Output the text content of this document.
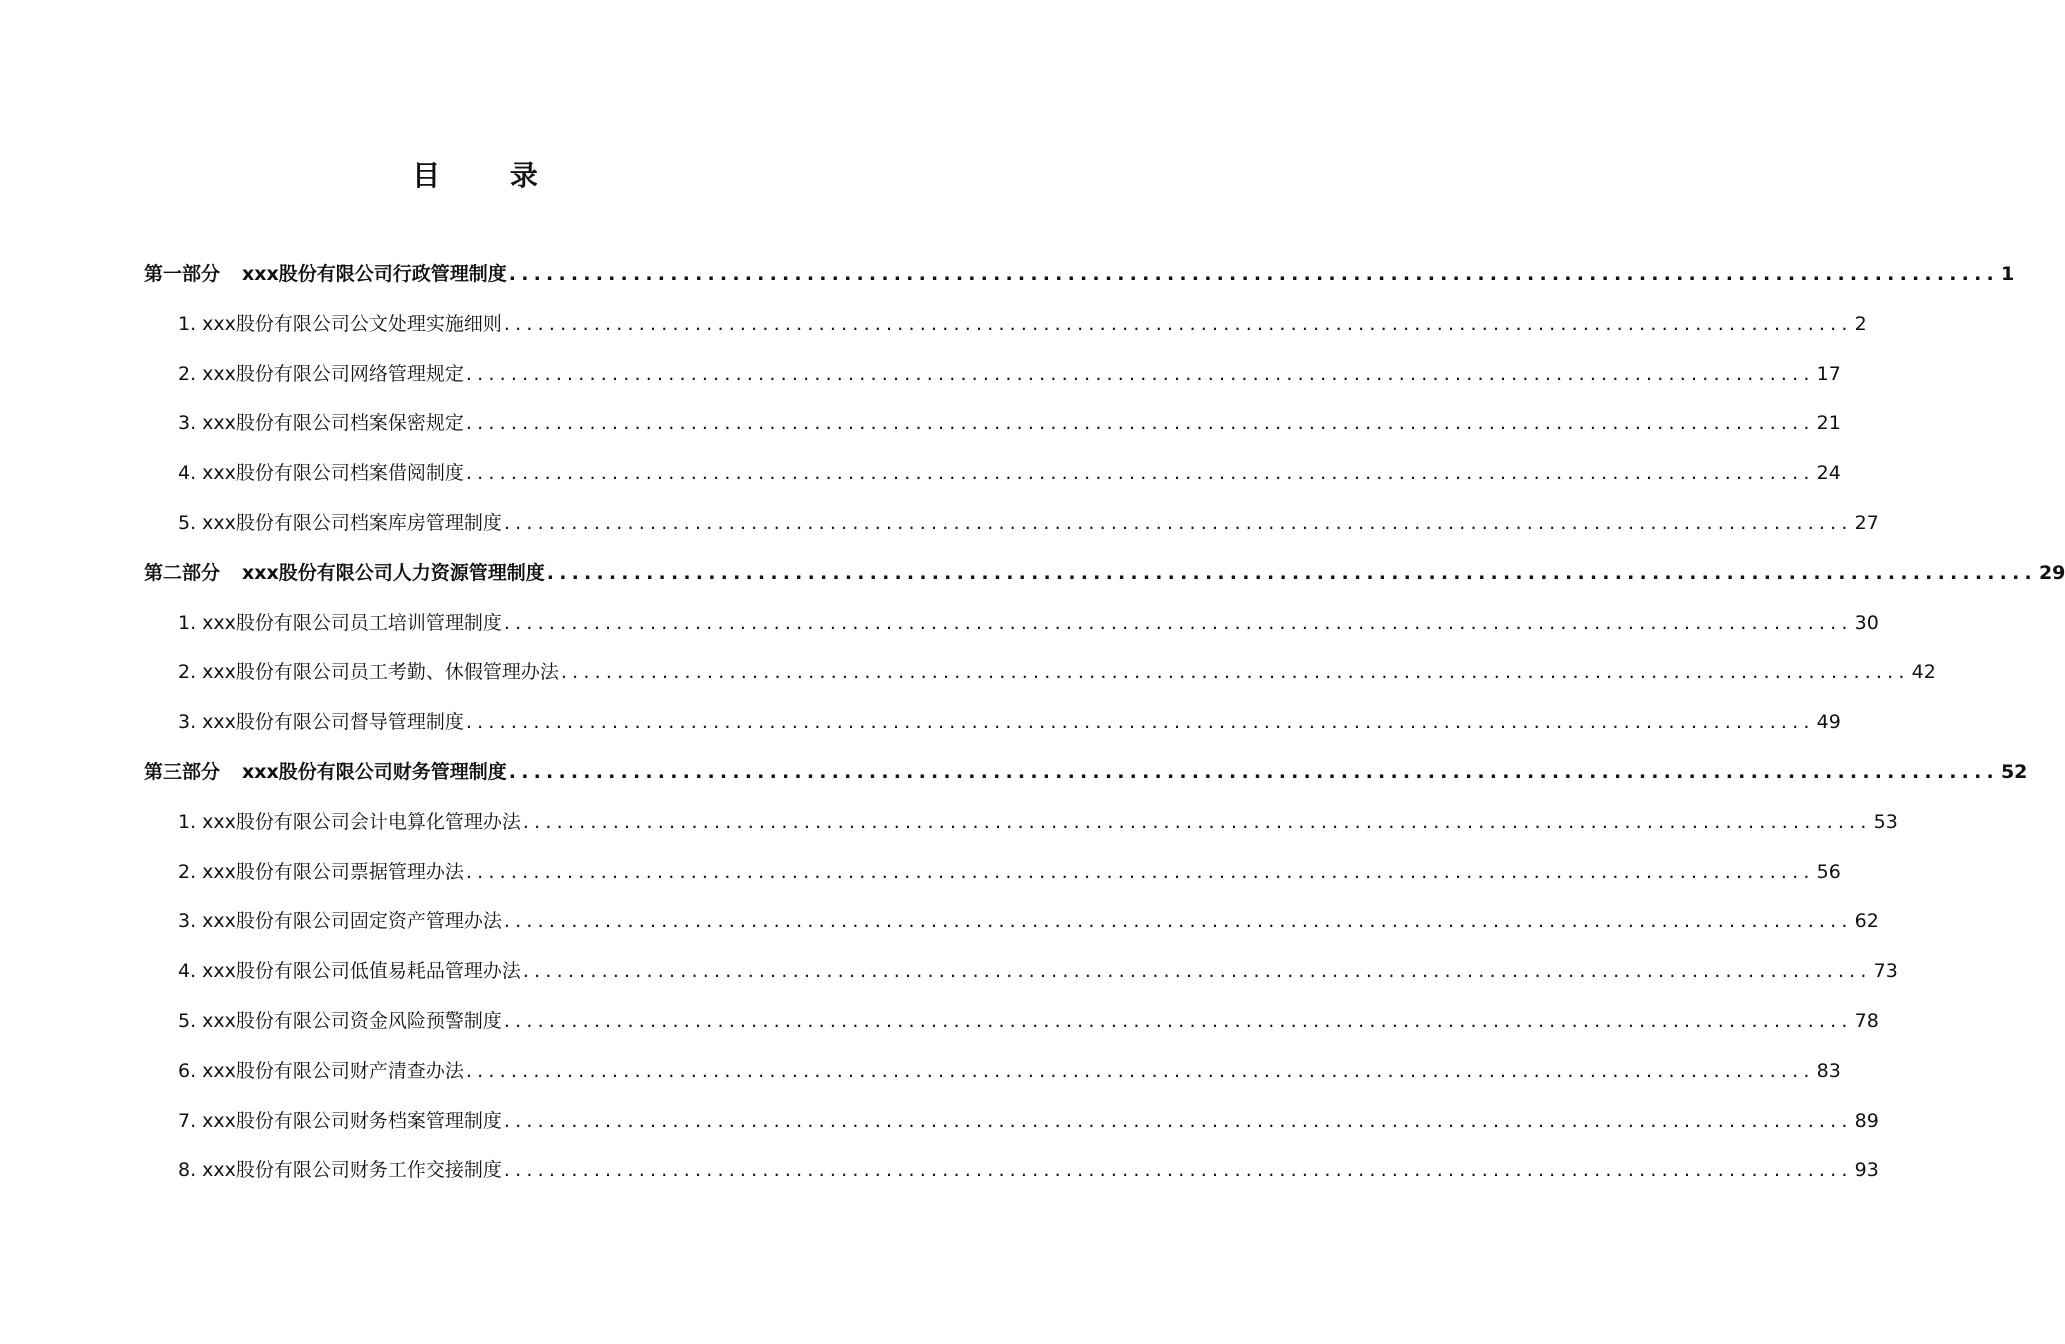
目 录
第一部分 xxx股份有限公司行政管理制度 ........................................................................................................................ 1
1. xxx股份有限公司公文处理实施细则 ........................................................................................................................ 2
2. xxx股份有限公司网络管理规定 ........................................................................................................................ 17
3. xxx股份有限公司档案保密规定 ........................................................................................................................ 21
4. xxx股份有限公司档案借阅制度 ........................................................................................................................ 24
5. xxx股份有限公司档案库房管理制度 ........................................................................................................................ 27
第二部分 xxx股份有限公司人力资源管理制度 ........................................................................................................................ 29
1. xxx股份有限公司员工培训管理制度 ........................................................................................................................ 30
2. xxx股份有限公司员工考勤、休假管理办法 ........................................................................................................................ 42
3. xxx股份有限公司督导管理制度 ........................................................................................................................ 49
第三部分 xxx股份有限公司财务管理制度 ........................................................................................................................ 52
1. xxx股份有限公司会计电算化管理办法 ........................................................................................................................ 53
2. xxx股份有限公司票据管理办法 ........................................................................................................................ 56
3. xxx股份有限公司固定资产管理办法 ........................................................................................................................ 62
4. xxx股份有限公司低值易耗品管理办法 ........................................................................................................................ 73
5. xxx股份有限公司资金风险预警制度 ........................................................................................................................ 78
6. xxx股份有限公司财产清查办法 ........................................................................................................................ 83
7. xxx股份有限公司财务档案管理制度 ........................................................................................................................ 89
8. xxx股份有限公司财务工作交接制度 ........................................................................................................................ 93
